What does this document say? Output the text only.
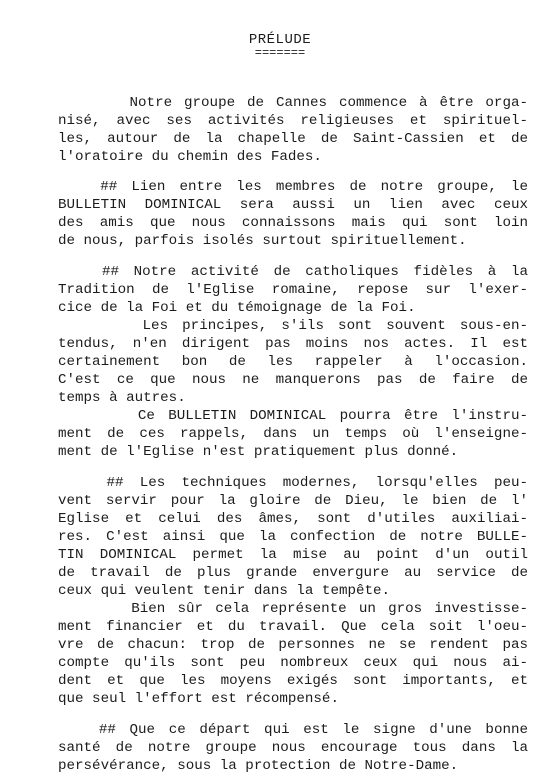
PRÉLUDE
=======
Notre groupe de Cannes commence à être orga-
nisé, avec ses activités religieuses et spirituel-
les, autour de la chapelle de Saint-Cassien et de
l'oratoire du chemin des Fades.
## Lien entre les membres de notre groupe, le
BULLETIN DOMINICAL sera aussi un lien avec ceux
des amis que nous connaissons mais qui sont loin
de nous, parfois isolés surtout spirituellement.
## Notre activité de catholiques fidèles à la
Tradition de l'Eglise romaine, repose sur l'exer-
cice de la Foi et du témoignage de la Foi.
Les principes, s'ils sont souvent sous-en-
tendus, n'en dirigent pas moins nos actes. Il est
certainement bon de les rappeler à l'occasion.
C'est ce que nous ne manquerons pas de faire de
temps à autres.
Ce BULLETIN DOMINICAL pourra être l'instru-
ment de ces rappels, dans un temps où l'enseigne-
ment de l'Eglise n'est pratiquement plus donné.
## Les techniques modernes, lorsqu'elles peu-
vent servir pour la gloire de Dieu, le bien de l'
Eglise et celui des âmes, sont d'utiles auxiliai-
res. C'est ainsi que la confection de notre BULLE-
TIN DOMINICAL permet la mise au point d'un outil
de travail de plus grande envergure au service de
ceux qui veulent tenir dans la tempête.
Bien sûr cela représente un gros investisse-
ment financier et du travail. Que cela soit l'oeu-
vre de chacun: trop de personnes ne se rendent pas
compte qu'ils sont peu nombreux ceux qui nous ai-
dent et que les moyens exigés sont importants, et
que seul l'effort est récompensé.
## Que ce départ qui est le signe d'une bonne
santé de notre groupe nous encourage tous dans la
persévérance, sous la protection de Notre-Dame.
